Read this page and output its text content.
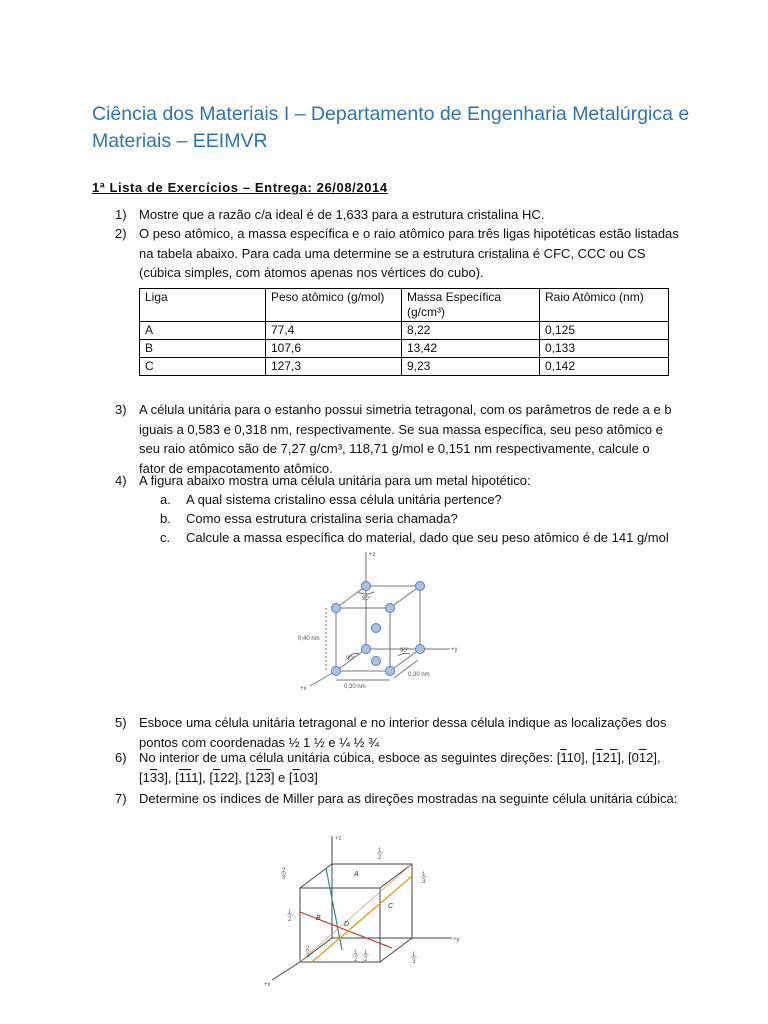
Ciência dos Materiais I – Departamento de Engenharia Metalúrgica e Materiais – EEIMVR
1ª Lista de Exercícios – Entrega: 26/08/2014
1) Mostre que a razão c/a ideal é de 1,633 para a estrutura cristalina HC.
2) O peso atômico, a massa específica e o raio atômico para três ligas hipotéticas estão listadas na tabela abaixo. Para cada uma determine se a estrutura cristalina é CFC, CCC ou CS (cúbica simples, com átomos apenas nos vértices do cubo).
Liga	Peso atômico (g/mol)	Massa Específica (g/cm³)	Raio Atômico (nm)
A	77,4	8,22	0,125
B	107,6	13,42	0,133
C	127,3	9,23	0,142
3) A célula unitária para o estanho possui simetria tetragonal, com os parâmetros de rede a e b iguais a 0,583 e 0,318 nm, respectivamente. Se sua massa específica, seu peso atômico e seu raio atômico são de 7,27 g/cm³, 118,71 g/mol e 0,151 nm respectivamente, calcule o fator de empacotamento atômico.
4) A figura abaixo mostra uma célula unitária para um metal hipotético:
a. A qual sistema cristalino essa célula unitária pertence?
b. Como essa estrutura cristalina seria chamada?
c. Calcule a massa específica do material, dado que seu peso atômico é de 141 g/mol
+z
+y
+x
90°
90°
90°
0,40 nm
0,30 nm
0,30 nm
5) Esboce uma célula unitária tetragonal e no interior dessa célula indique as localizações dos pontos com coordenadas ½ 1 ½ e ¼ ½ ¾
6) No interior de uma célula unitária cúbica, esboce as seguintes direções: [110], [121], [012], [133], [111], [122], [123] e [103]
7) Determine os índices de Miller para as direções mostradas na seguinte célula unitária cúbica:
A
B
C
D
+z
+y
+x
2
3
1
2
1
3
1
2
2
3	1
2
1
2
1
3
